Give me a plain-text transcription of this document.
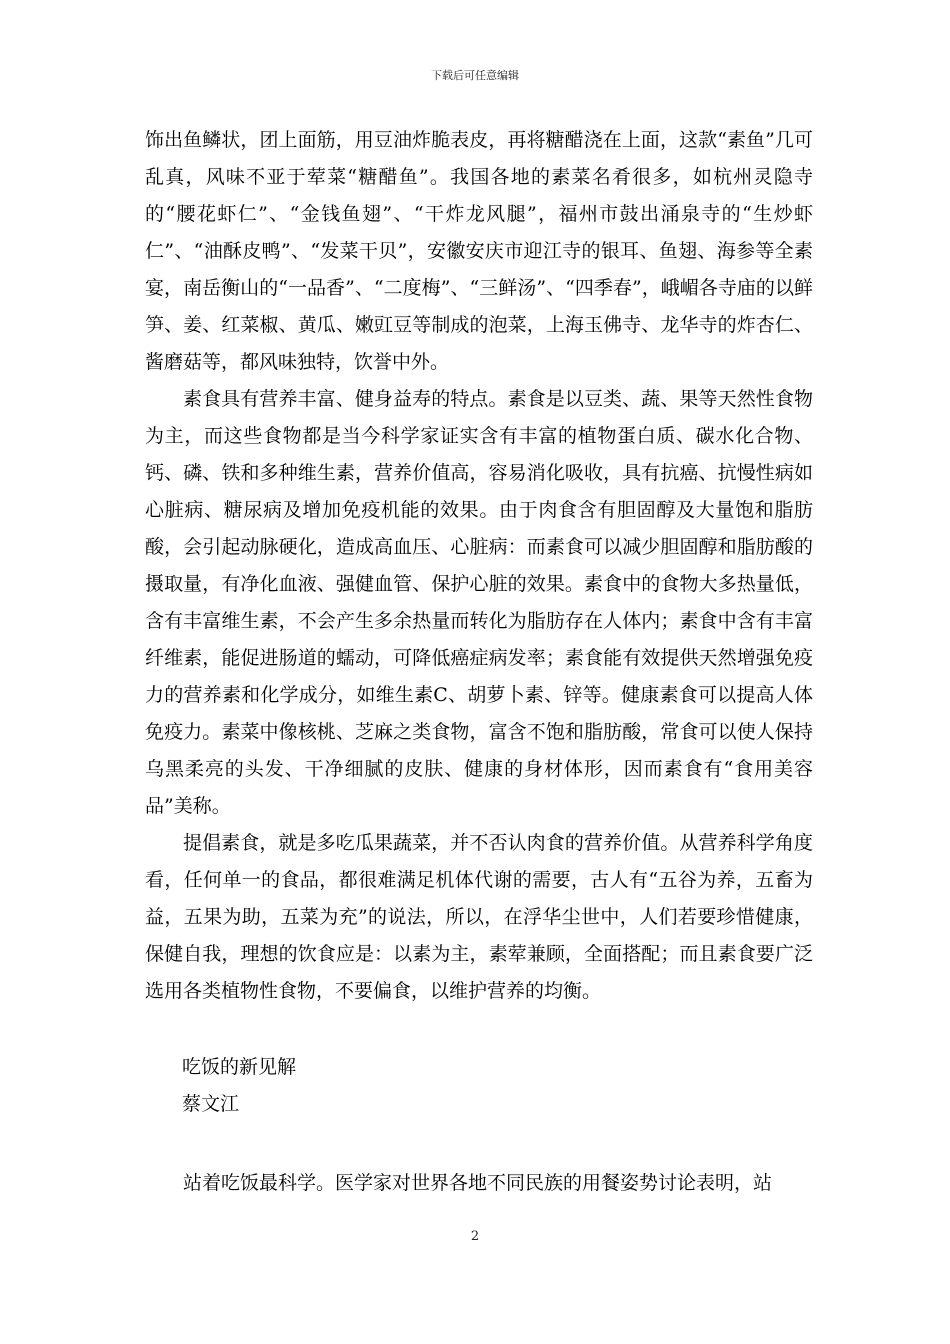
下载后可任意编辑

饰出鱼鳞状，团上面筋，用豆油炸脆表皮，再将糖醋浇在上面，这款“素鱼”几可乱真，风味不亚于荤菜“糖醋鱼”。我国各地的素菜名肴很多，如杭州灵隐寺的“腰花虾仁”、“金钱鱼翅”、“干炸龙风腿”，福州市鼓出涌泉寺的“生炒虾仁”、“油酥皮鸭”、“发菜干贝”，安徽安庆市迎江寺的银耳、鱼翅、海参等全素宴，南岳衡山的“一品香”、“二度梅”、“三鲜汤”、“四季春”，峨嵋各寺庙的以鲜笋、姜、红菜椒、黄瓜、嫩豇豆等制成的泡菜，上海玉佛寺、龙华寺的炸杏仁、酱磨菇等，都风味独特，饮誉中外。

素食具有营养丰富、健身益寿的特点。素食是以豆类、蔬、果等天然性食物为主，而这些食物都是当今科学家证实含有丰富的植物蛋白质、碳水化合物、钙、磷、铁和多种维生素，营养价值高，容易消化吸收，具有抗癌、抗慢性病如心脏病、糖尿病及增加免疫机能的效果。由于肉食含有胆固醇及大量饱和脂肪酸，会引起动脉硬化，造成高血压、心脏病：而素食可以减少胆固醇和脂肪酸的摄取量，有净化血液、强健血管、保护心脏的效果。素食中的食物大多热量低，含有丰富维生素，不会产生多余热量而转化为脂肪存在人体内；素食中含有丰富纤维素，能促进肠道的蠕动，可降低癌症病发率；素食能有效提供天然增强免疫力的营养素和化学成分，如维生素C、胡萝卜素、锌等。健康素食可以提高人体免疫力。素菜中像核桃、芝麻之类食物，富含不饱和脂肪酸，常食可以使人保持乌黑柔亮的头发、干净细腻的皮肤、健康的身材体形，因而素食有“食用美容品”美称。

提倡素食，就是多吃瓜果蔬菜，并不否认肉食的营养价值。从营养科学角度看，任何单一的食品，都很难满足机体代谢的需要，古人有“五谷为养，五畜为益，五果为助，五菜为充”的说法，所以，在浮华尘世中，人们若要珍惜健康，保健自我，理想的饮食应是：以素为主，素荤兼顾，全面搭配；而且素食要广泛选用各类植物性食物，不要偏食，以维护营养的均衡。

吃饭的新见解
蔡文江
站着吃饭最科学。医学家对世界各地不同民族的用餐姿势讨论表明，站
2
